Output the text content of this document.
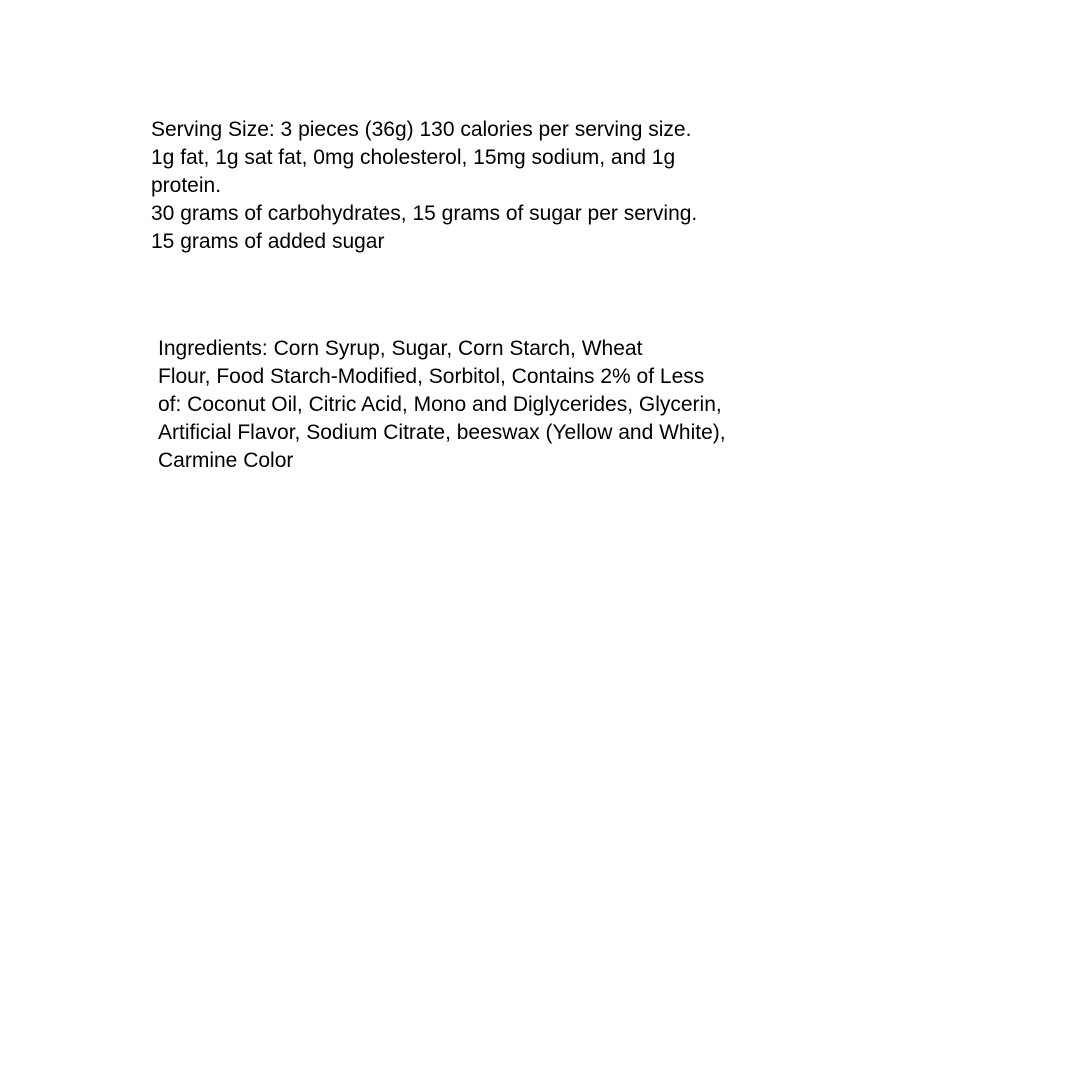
Serving Size: 3 pieces (36g) 130 calories per serving size.
1g fat, 1g sat fat, 0mg cholesterol, 15mg sodium, and 1g
protein.
30 grams of carbohydrates, 15 grams of sugar per serving.
15 grams of added sugar
Ingredients: Corn Syrup, Sugar, Corn Starch, Wheat
Flour, Food Starch-Modified, Sorbitol, Contains 2% of Less
of: Coconut Oil, Citric Acid, Mono and Diglycerides, Glycerin,
Artificial Flavor, Sodium Citrate, beeswax (Yellow and White),
Carmine Color
